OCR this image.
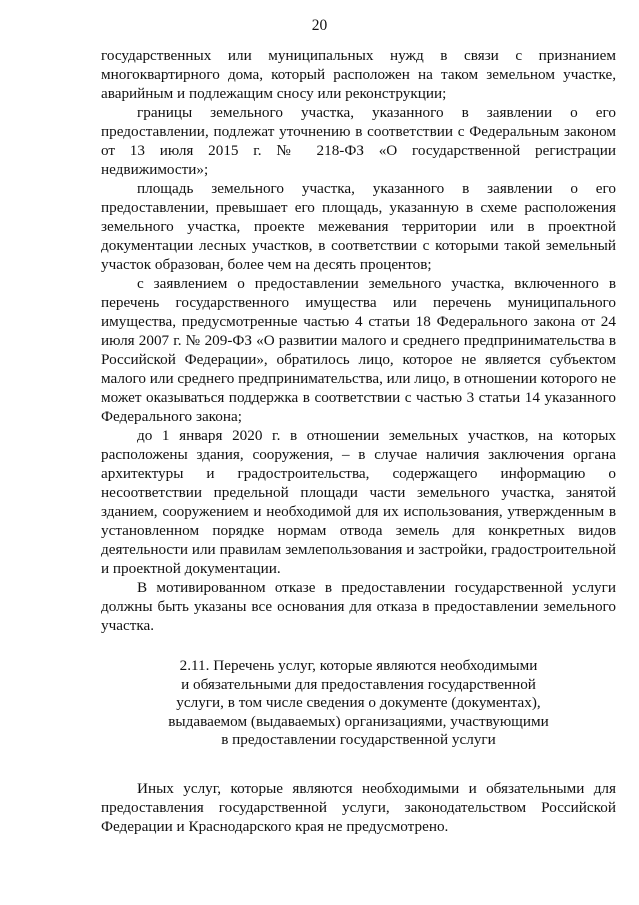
20

государственных или муниципальных нужд в связи с признанием многоквартирного дома, который расположен на таком земельном участке, аварийным и подлежащим сносу или реконструкции;

границы земельного участка, указанного в заявлении о его предоставлении, подлежат уточнению в соответствии с Федеральным законом от 13 июля 2015 г. № 218-ФЗ «О государственной регистрации недвижимости»;

площадь земельного участка, указанного в заявлении о его предоставлении, превышает его площадь, указанную в схеме расположения земельного участка, проекте межевания территории или в проектной документации лесных участков, в соответствии с которыми такой земельный участок образован, более чем на десять процентов;

с заявлением о предоставлении земельного участка, включенного в перечень государственного имущества или перечень муниципального имущества, предусмотренные частью 4 статьи 18 Федерального закона от 24 июля 2007 г. № 209-ФЗ «О развитии малого и среднего предпринимательства в Российской Федерации», обратилось лицо, которое не является субъектом малого или среднего предпринимательства, или лицо, в отношении которого не может оказываться поддержка в соответствии с частью 3 статьи 14 указанного Федерального закона;

до 1 января 2020 г. в отношении земельных участков, на которых расположены здания, сооружения, – в случае наличия заключения органа архитектуры и градостроительства, содержащего информацию о несоответствии предельной площади части земельного участка, занятой зданием, сооружением и необходимой для их использования, утвержденным в установленном порядке нормам отвода земель для конкретных видов деятельности или правилам землепользования и застройки, градостроительной и проектной документации.

В мотивированном отказе в предоставлении государственной услуги должны быть указаны все основания для отказа в предоставлении земельного участка.

2.11. Перечень услуг, которые являются необходимыми
и обязательными для предоставления государственной
услуги, в том числе сведения о документе (документах),
выдаваемом (выдаваемых) организациями, участвующими
в предоставлении государственной услуги

Иных услуг, которые являются необходимыми и обязательными для предоставления государственной услуги, законодательством Российской Федерации и Краснодарского края не предусмотрено.
